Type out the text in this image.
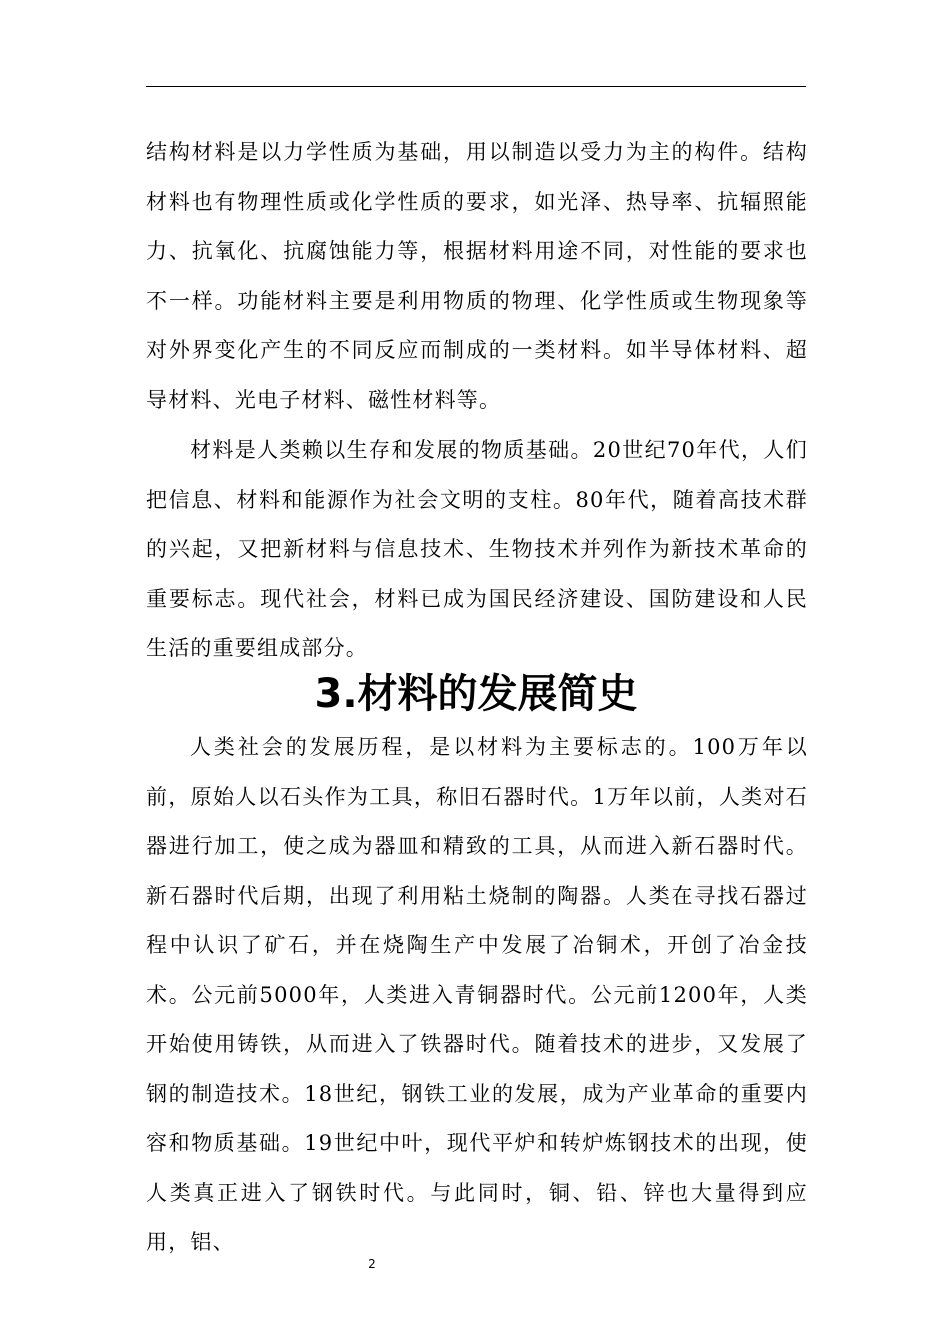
结构材料是以力学性质为基础，用以制造以受力为主的构件。结构材料也有物理性质或化学性质的要求，如光泽、热导率、抗辐照能力、抗氧化、抗腐蚀能力等，根据材料用途不同，对性能的要求也不一样。功能材料主要是利用物质的物理、化学性质或生物现象等对外界变化产生的不同反应而制成的一类材料。如半导体材料、超导材料、光电子材料、磁性材料等。

材料是人类赖以生存和发展的物质基础。20世纪70年代，人们把信息、材料和能源作为社会文明的支柱。80年代，随着高技术群的兴起，又把新材料与信息技术、生物技术并列作为新技术革命的重要标志。现代社会，材料已成为国民经济建设、国防建设和人民生活的重要组成部分。

3.材料的发展简史

人类社会的发展历程，是以材料为主要标志的。100万年以前，原始人以石头作为工具，称旧石器时代。1万年以前，人类对石器进行加工，使之成为器皿和精致的工具，从而进入新石器时代。新石器时代后期，出现了利用粘土烧制的陶器。人类在寻找石器过程中认识了矿石，并在烧陶生产中发展了冶铜术，开创了冶金技术。公元前5000年，人类进入青铜器时代。公元前1200年，人类开始使用铸铁，从而进入了铁器时代。随着技术的进步，又发展了钢的制造技术。18世纪，钢铁工业的发展，成为产业革命的重要内容和物质基础。19世纪中叶，现代平炉和转炉炼钢技术的出现，使人类真正进入了钢铁时代。与此同时，铜、铅、锌也大量得到应用，铝、

2
